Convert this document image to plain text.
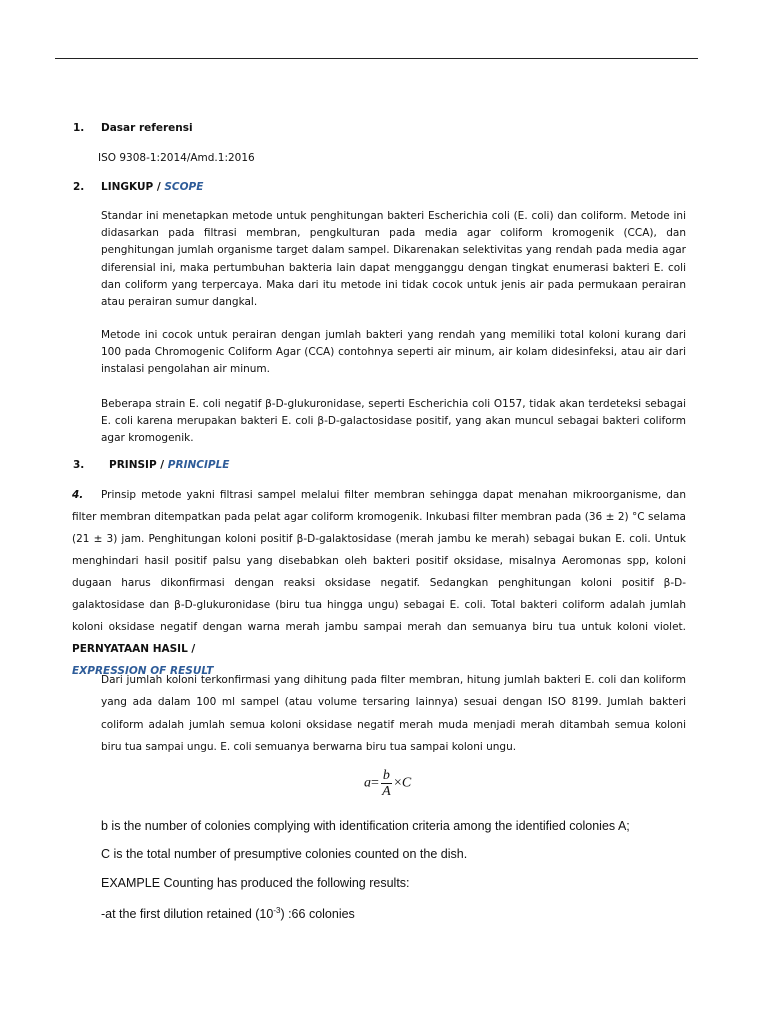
1. Dasar referensi
ISO 9308-1:2014/Amd.1:2016
2. LINGKUP / SCOPE
Standar ini menetapkan metode untuk penghitungan bakteri Escherichia coli (E. coli) dan coliform. Metode ini didasarkan pada filtrasi membran, pengkulturan pada media agar coliform kromogenik (CCA), dan penghitungan jumlah organisme target dalam sampel. Dikarenakan selektivitas yang rendah pada media agar diferensial ini, maka pertumbuhan bakteria lain dapat mengganggu dengan tingkat enumerasi bakteri E. coli dan coliform yang terpercaya. Maka dari itu metode ini tidak cocok untuk jenis air pada permukaan perairan atau perairan sumur dangkal.
Metode ini cocok untuk perairan dengan jumlah bakteri yang rendah yang memiliki total koloni kurang dari 100 pada Chromogenic Coliform Agar (CCA) contohnya seperti air minum, air kolam didesinfeksi, atau air dari instalasi pengolahan air minum.
Beberapa strain E. coli negatif β-D-glukuronidase, seperti Escherichia coli O157, tidak akan terdeteksi sebagai E. coli karena merupakan bakteri E. coli β-D-galactosidase positif, yang akan muncul sebagai bakteri coliform agar kromogenik.
3. PRINSIP / PRINCIPLE
4. Prinsip metode yakni filtrasi sampel melalui filter membran sehingga dapat menahan mikroorganisme, dan filter membran ditempatkan pada pelat agar coliform kromogenik. Inkubasi filter membran pada (36 ± 2) °C selama (21 ± 3) jam. Penghitungan koloni positif β-D-galaktosidase (merah jambu ke merah) sebagai bukan E. coli. Untuk menghindari hasil positif palsu yang disebabkan oleh bakteri positif oksidase, misalnya Aeromonas spp, koloni dugaan harus dikonfirmasi dengan reaksi oksidase negatif. Sedangkan penghitungan koloni positif β-D-galaktosidase dan β-D-glukuronidase (biru tua hingga ungu) sebagai E. coli. Total bakteri coliform adalah jumlah koloni oksidase negatif dengan warna merah jambu sampai merah dan semuanya biru tua untuk koloni violet. PERNYATAAN HASIL /
EXPRESSION OF RESULT
Dari jumlah koloni terkonfirmasi yang dihitung pada filter membran, hitung jumlah bakteri E. coli dan koliform yang ada dalam 100 ml sampel (atau volume tersaring lainnya) sesuai dengan ISO 8199. Jumlah bakteri coliform adalah jumlah semua koloni oksidase negatif merah muda menjadi merah ditambah semua koloni biru tua sampai ungu. E. coli semuanya berwarna biru tua sampai koloni ungu.
$a= \frac{b}{A} \times C$
b is the number of colonies complying with identification criteria among the identified colonies A;
C is the total number of presumptive colonies counted on the dish.
EXAMPLE Counting has produced the following results:
-at the first dilution retained $(10^{-3})$ :66 colonies
